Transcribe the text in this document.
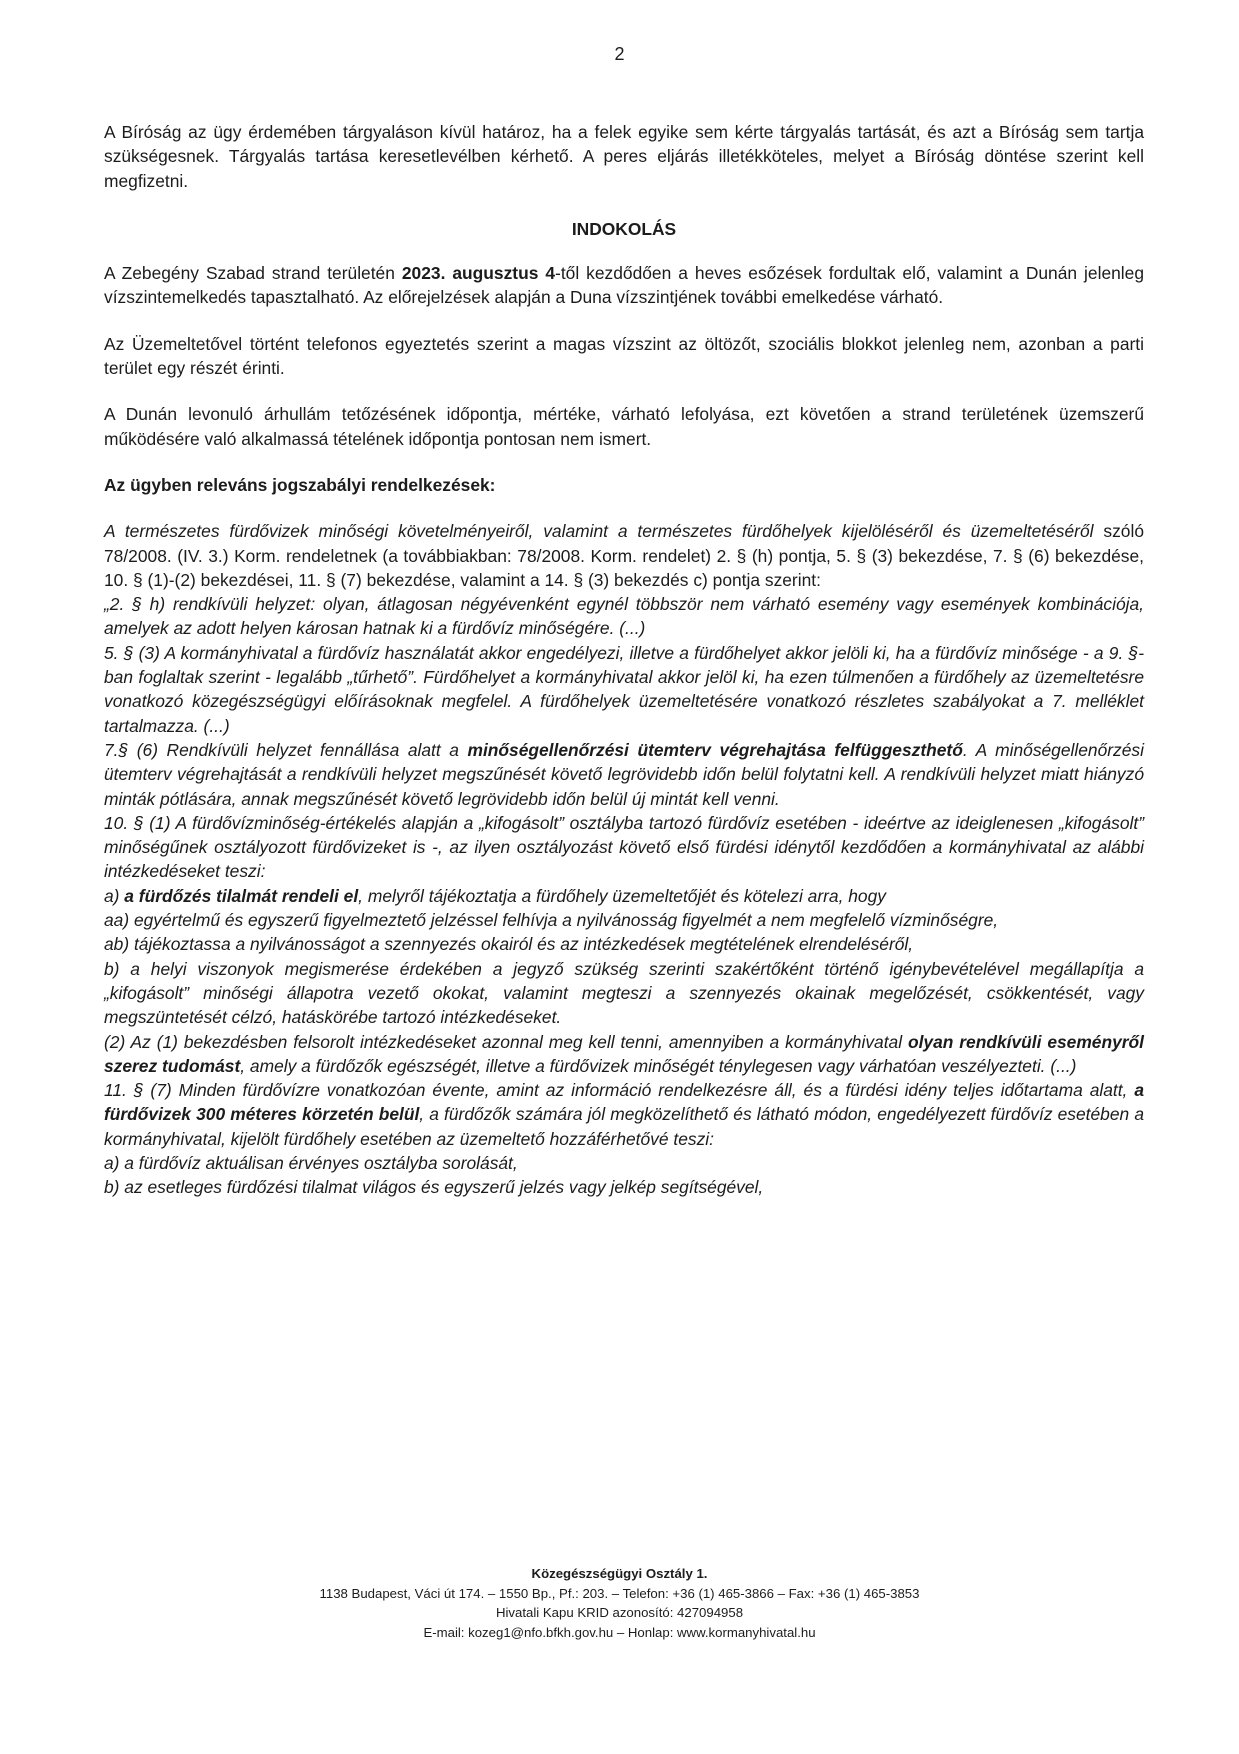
2

A Bíróság az ügy érdemében tárgyaláson kívül határoz, ha a felek egyike sem kérte tárgyalás tartását, és azt a Bíróság sem tartja szükségesnek. Tárgyalás tartása keresetlevélben kérhető. A peres eljárás illetékköteles, melyet a Bíróság döntése szerint kell megfizetni.

INDOKOLÁS

A Zebegény Szabad strand területén 2023. augusztus 4-től kezdődően a heves esőzések fordultak elő, valamint a Dunán jelenleg vízszintemelkedés tapasztalható. Az előrejelzések alapján a Duna vízszintjének további emelkedése várható.

Az Üzemeltetővel történt telefonos egyeztetés szerint a magas vízszint az öltözőt, szociális blokkot jelenleg nem, azonban a parti terület egy részét érinti.

A Dunán levonuló árhullám tetőzésének időpontja, mértéke, várható lefolyása, ezt követően a strand területének üzemszerű működésére való alkalmassá tételének időpontja pontosan nem ismert.

Az ügyben releváns jogszabályi rendelkezések:

A természetes fürdővizek minőségi követelményeiről, valamint a természetes fürdőhelyek kijelöléséről és üzemeltetéséről szóló 78/2008. (IV. 3.) Korm. rendeletnek (a továbbiakban: 78/2008. Korm. rendelet) 2. § (h) pontja, 5. § (3) bekezdése, 7. § (6) bekezdése, 10. § (1)-(2) bekezdései, 11. § (7) bekezdése, valamint a 14. § (3) bekezdés c) pontja szerint:

„2. § h) rendkívüli helyzet: olyan, átlagosan négyévenként egynél többször nem várható esemény vagy események kombinációja, amelyek az adott helyen károsan hatnak ki a fürdővíz minőségére. (...)

5. § (3) A kormányhivatal a fürdővíz használatát akkor engedélyezi, illetve a fürdőhelyet akkor jelöli ki, ha a fürdővíz minősége - a 9. §-ban foglaltak szerint - legalább „tűrhető”. Fürdőhelyet a kormányhivatal akkor jelöl ki, ha ezen túlmenően a fürdőhely az üzemeltetésre vonatkozó közegészségügyi előírásoknak megfelel. A fürdőhelyek üzemeltetésére vonatkozó részletes szabályokat a 7. melléklet tartalmazza. (...)

7.§ (6) Rendkívüli helyzet fennállása alatt a minőségellenőrzési ütemterv végrehajtása felfüggeszthető. A minőségellenőrzési ütemterv végrehajtását a rendkívüli helyzet megszűnését követő legrövidebb időn belül folytatni kell. A rendkívüli helyzet miatt hiányzó minták pótlására, annak megszűnését követő legrövidebb időn belül új mintát kell venni.

10. § (1) A fürdővízminőség-értékelés alapján a „kifogásolt” osztályba tartozó fürdővíz esetében - ideértve az ideiglenesen „kifogásolt” minőségűnek osztályozott fürdővizeket is -, az ilyen osztályozást követő első fürdési idénytől kezdődően a kormányhivatal az alábbi intézkedéseket teszi:

a) a fürdőzés tilalmát rendeli el, melyről tájékoztatja a fürdőhely üzemeltetőjét és kötelezi arra, hogy

aa) egyértelmű és egyszerű figyelmeztető jelzéssel felhívja a nyilvánosság figyelmét a nem megfelelő vízminőségre,

ab) tájékoztassa a nyilvánosságot a szennyezés okairól és az intézkedések megtételének elrendeléséről,

b) a helyi viszonyok megismerése érdekében a jegyző szükség szerinti szakértőként történő igénybevételével megállapítja a „kifogásolt” minőségi állapotra vezető okokat, valamint megteszi a szennyezés okainak megelőzését, csökkentését, vagy megszüntetését célzó, hatáskörébe tartozó intézkedéseket.

(2) Az (1) bekezdésben felsorolt intézkedéseket azonnal meg kell tenni, amennyiben a kormányhivatal olyan rendkívüli eseményről szerez tudomást, amely a fürdőzők egészségét, illetve a fürdővizek minőségét ténylegesen vagy várhatóan veszélyezteti. (...)

11. § (7) Minden fürdővízre vonatkozóan évente, amint az információ rendelkezésre áll, és a fürdési idény teljes időtartama alatt, a fürdővizek 300 méteres körzetén belül, a fürdőzők számára jól megközelíthető és látható módon, engedélyezett fürdővíz esetében a kormányhivatal, kijelölt fürdőhely esetében az üzemeltető hozzáférhetővé teszi:

a) a fürdővíz aktuálisan érvényes osztályba sorolását,

b) az esetleges fürdőzési tilalmat világos és egyszerű jelzés vagy jelkép segítségével,

Közegészségügyi Osztály 1.
1138 Budapest, Váci út 174. – 1550 Bp., Pf.: 203. – Telefon: +36 (1) 465-3866 – Fax: +36 (1) 465-3853
Hivatali Kapu KRID azonosító: 427094958
E-mail: kozeg1@nfo.bfkh.gov.hu – Honlap: www.kormanyhivatal.hu
